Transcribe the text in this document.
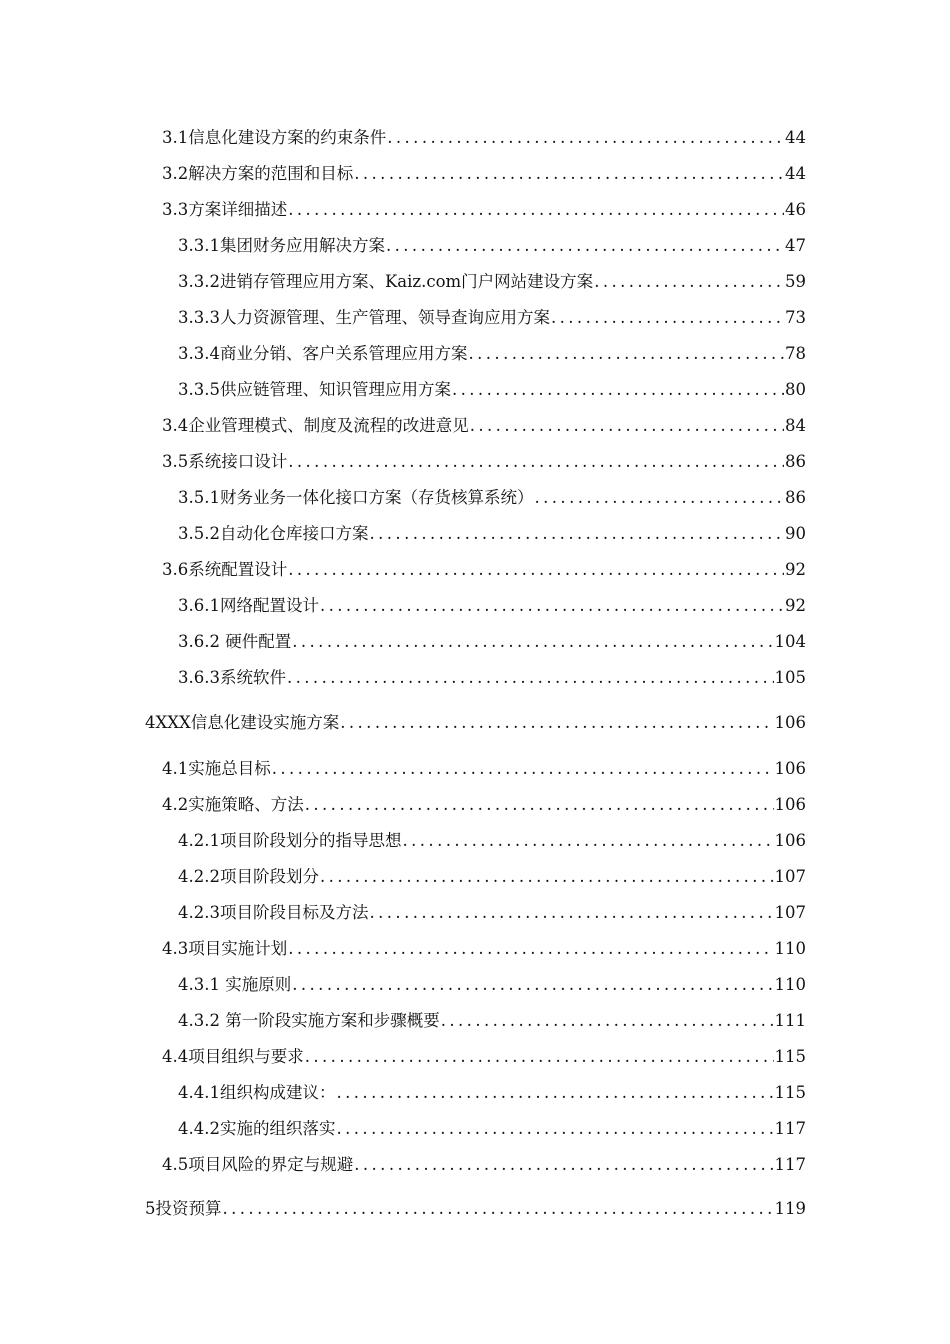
3.1信息化建设方案的约束条件 .....	44
3.2解决方案的范围和目标 .....	44
3.3方案详细描述 .....	46
3.3.1集团财务应用解决方案 .....	47
3.3.2进销存管理应用方案、Kaiz.com门户网站建设方案 .....	59
3.3.3人力资源管理、生产管理、领导查询应用方案 .....	73
3.3.4商业分销、客户关系管理应用方案 .....	78
3.3.5供应链管理、知识管理应用方案 .....	80
3.4企业管理模式、制度及流程的改进意见 .....	84
3.5系统接口设计 .....	86
3.5.1财务业务一体化接口方案（存货核算系统） .....	86
3.5.2自动化仓库接口方案 .....	90
3.6系统配置设计 .....	92
3.6.1网络配置设计 .....	92
3.6.2 硬件配置 .....	104
3.6.3系统软件 .....	105
4XXX信息化建设实施方案 .....	106
4.1实施总目标 .....	106
4.2实施策略、方法 .....	106
4.2.1项目阶段划分的指导思想 .....	106
4.2.2项目阶段划分 .....	107
4.2.3项目阶段目标及方法 .....	107
4.3项目实施计划 .....	110
4.3.1 实施原则 .....	110
4.3.2 第一阶段实施方案和步骤概要 .....	111
4.4项目组织与要求 .....	115
4.4.1组织构成建议： .....	115
4.4.2实施的组织落实 .....	117
4.5项目风险的界定与规避 .....	117
5投资预算 .....	119
